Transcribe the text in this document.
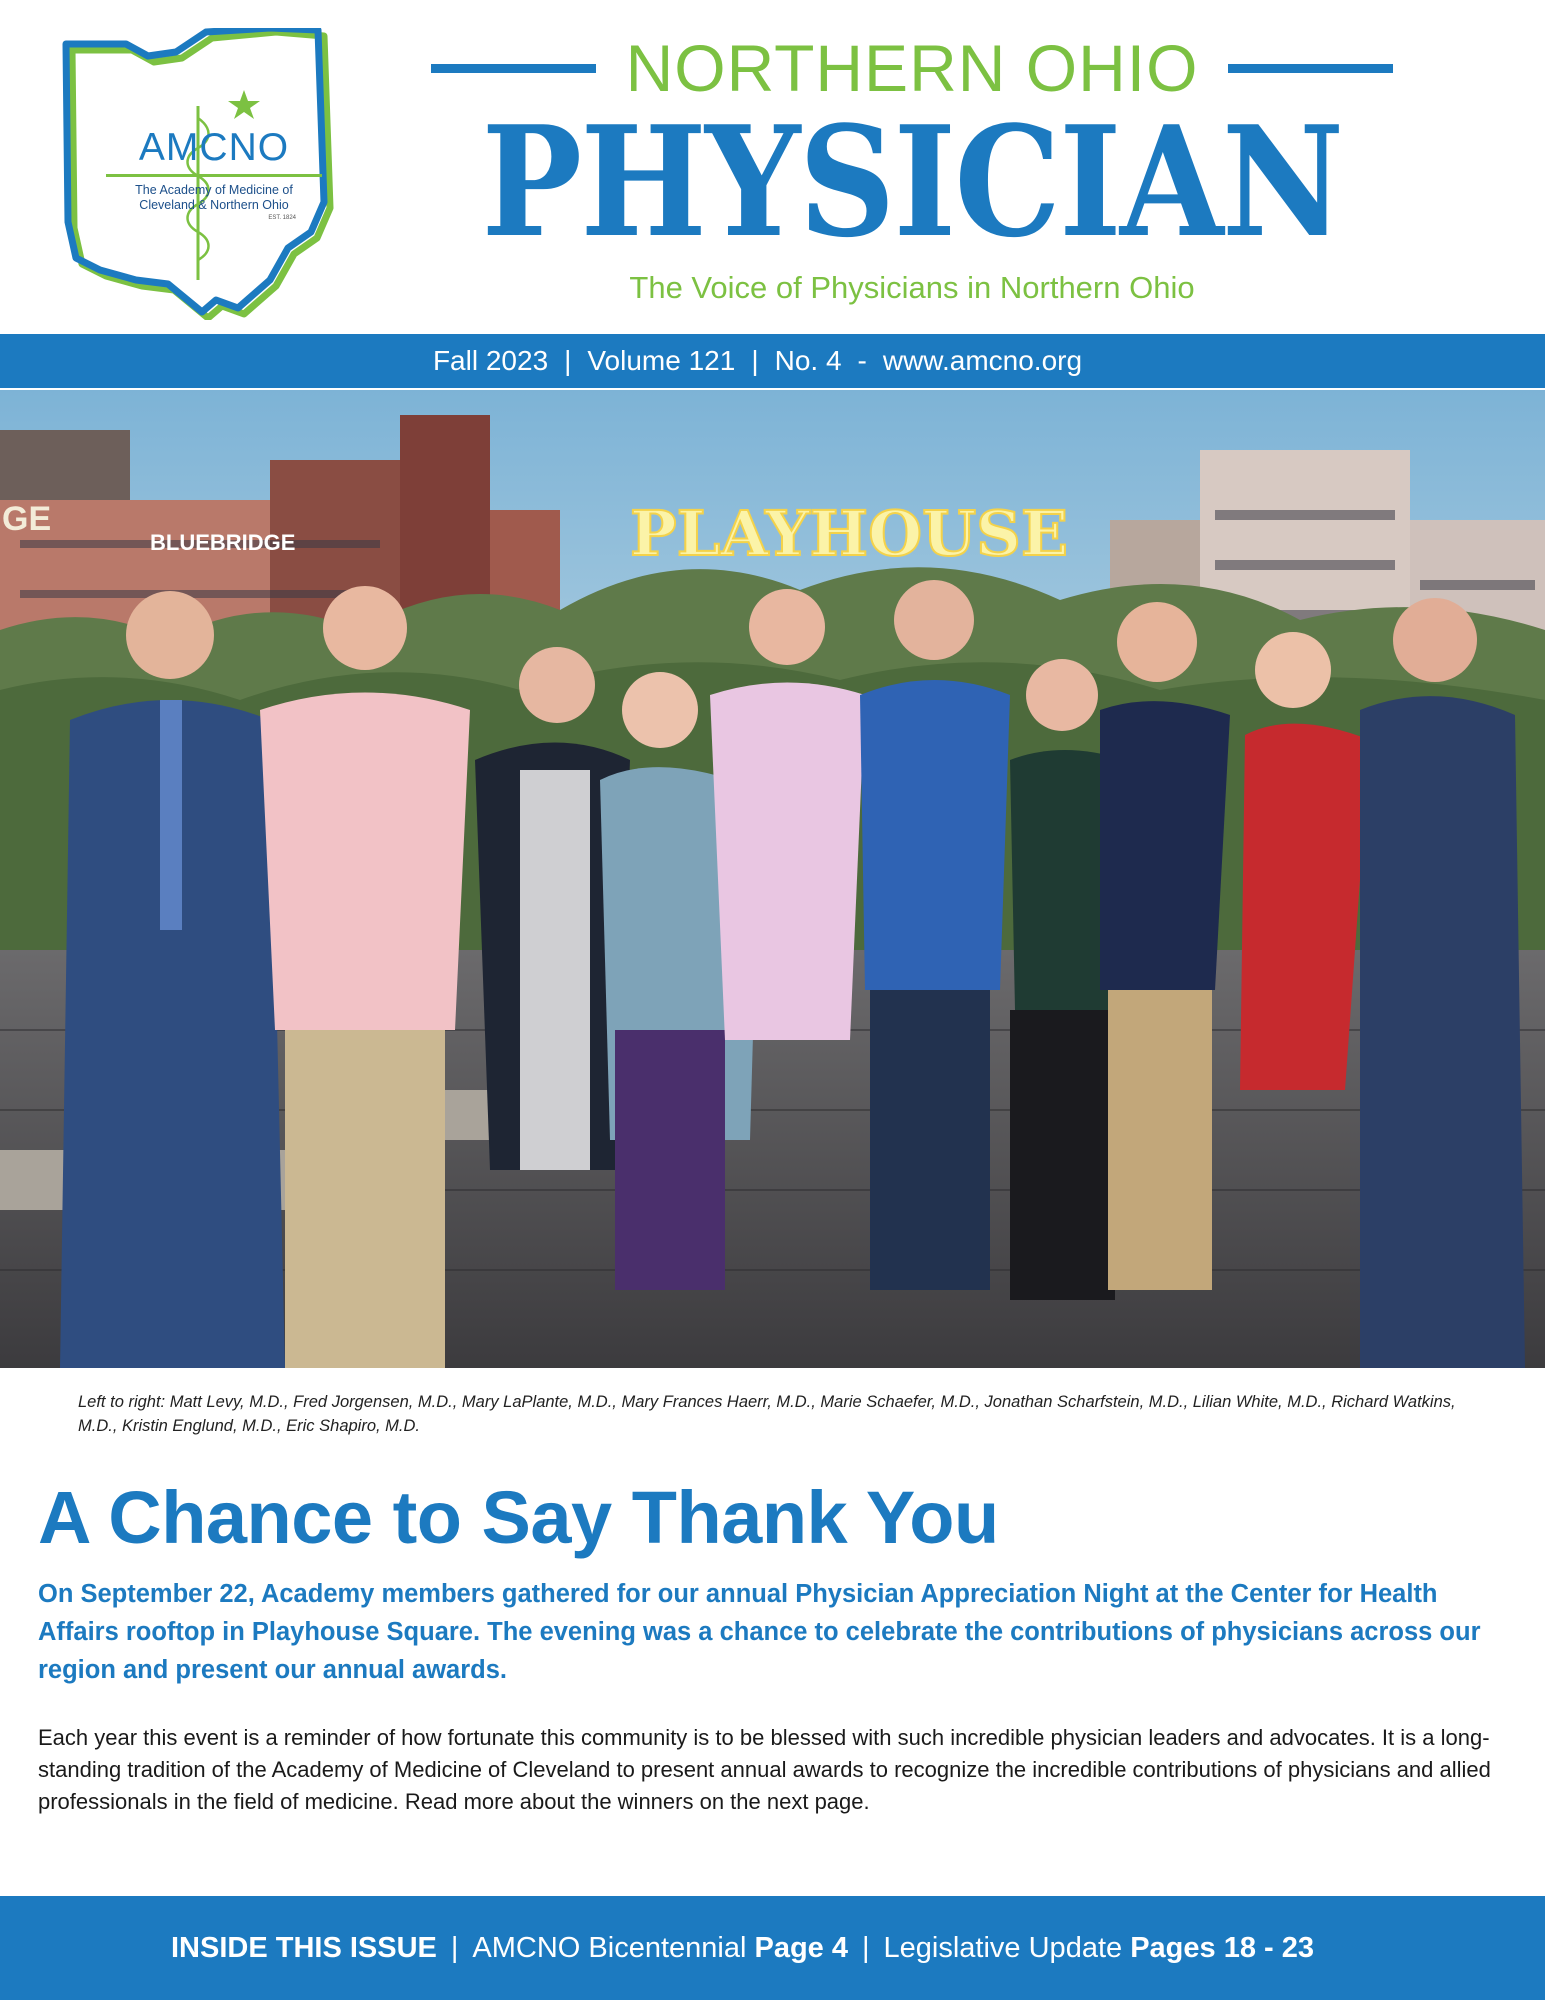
AMCNO
The Academy of Medicine of
Cleveland & Northern Ohio
EST. 1824
NORTHERN OHIO
PHYSICIAN
The Voice of Physicians in Northern Ohio
Fall 2023 | Volume 121 | No. 4 - www.amcno.org
GE
BLUEBRIDGE	PLAYHOUSE

Left to right: Matt Levy, M.D., Fred Jorgensen, M.D., Mary LaPlante, M.D., Mary Frances Haerr, M.D., Marie Schaefer, M.D., Jonathan Scharfstein, M.D., Lilian White, M.D., Richard Watkins, M.D., Kristin Englund, M.D., Eric Shapiro, M.D.

A Chance to Say Thank You

On September 22, Academy members gathered for our annual Physician Appreciation Night at the Center for Health Affairs rooftop in Playhouse Square. The evening was a chance to celebrate the contributions of physicians across our region and present our annual awards.

Each year this event is a reminder of how fortunate this community is to be blessed with such incredible physician leaders and advocates. It is a long-standing tradition of the Academy of Medicine of Cleveland to present annual awards to recognize the incredible contributions of physicians and allied professionals in the field of medicine. Read more about the winners on the next page.

INSIDE THIS ISSUE | AMCNO Bicentennial Page 4 | Legislative Update Pages 18 - 23
